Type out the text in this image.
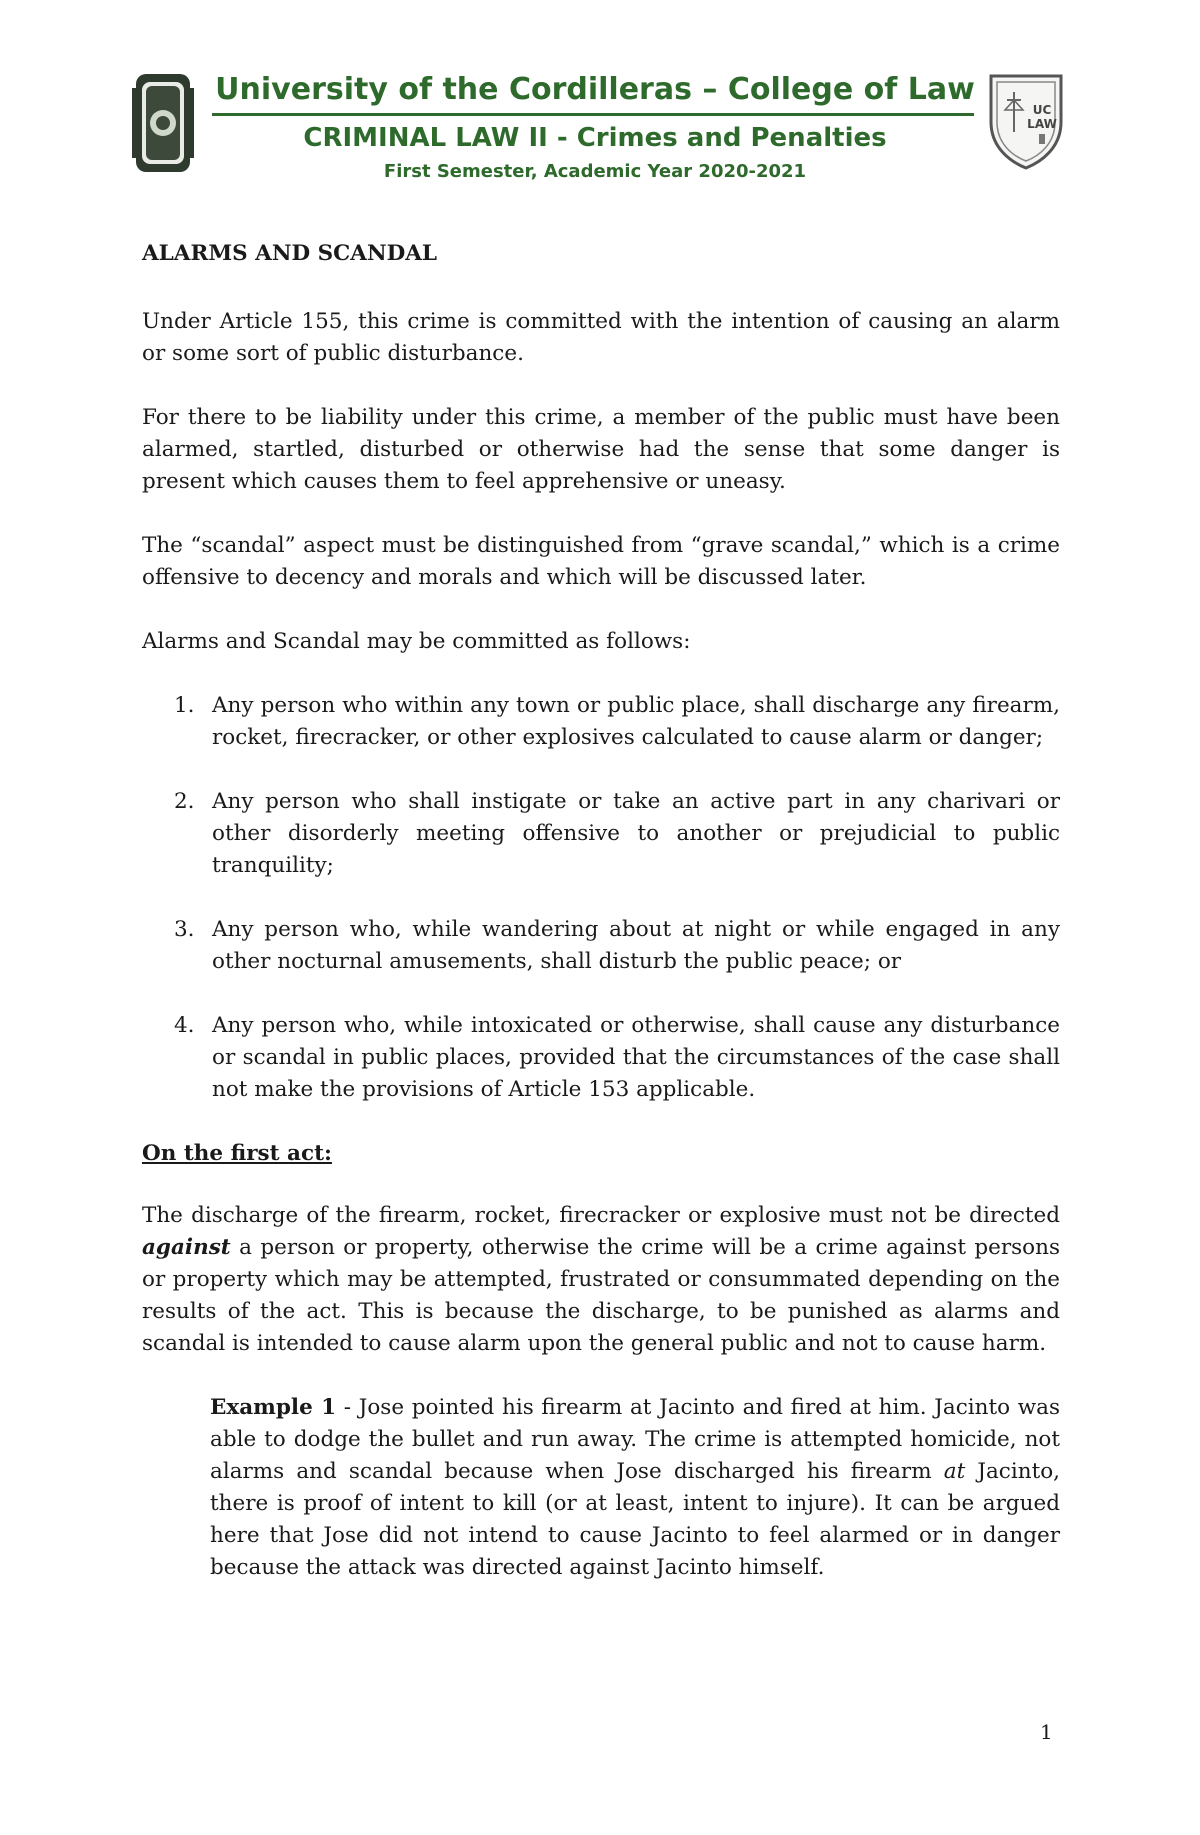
University of the Cordilleras – College of Law
CRIMINAL LAW II - Crimes and Penalties
First Semester, Academic Year 2020-2021
UC
LAW
ALARMS AND SCANDAL

Under Article 155, this crime is committed with the intention of causing an alarm or some sort of public disturbance.

For there to be liability under this crime, a member of the public must have been alarmed, startled, disturbed or otherwise had the sense that some danger is present which causes them to feel apprehensive or uneasy.

The “scandal” aspect must be distinguished from “grave scandal,” which is a crime offensive to decency and morals and which will be discussed later.

Alarms and Scandal may be committed as follows:

1. Any person who within any town or public place, shall discharge any firearm, rocket, firecracker, or other explosives calculated to cause alarm or danger;
2. Any person who shall instigate or take an active part in any charivari or other disorderly meeting offensive to another or prejudicial to public tranquility;
3. Any person who, while wandering about at night or while engaged in any other nocturnal amusements, shall disturb the public peace; or
4. Any person who, while intoxicated or otherwise, shall cause any disturbance or scandal in public places, provided that the circumstances of the case shall not make the provisions of Article 153 applicable.
On the first act:

The discharge of the firearm, rocket, firecracker or explosive must not be directed against a person or property, otherwise the crime will be a crime against persons or property which may be attempted, frustrated or consummated depending on the results of the act. This is because the discharge, to be punished as alarms and scandal is intended to cause alarm upon the general public and not to cause harm.

Example 1 - Jose pointed his firearm at Jacinto and fired at him. Jacinto was able to dodge the bullet and run away. The crime is attempted homicide, not alarms and scandal because when Jose discharged his firearm at Jacinto, there is proof of intent to kill (or at least, intent to injure). It can be argued here that Jose did not intend to cause Jacinto to feel alarmed or in danger because the attack was directed against Jacinto himself.

1
